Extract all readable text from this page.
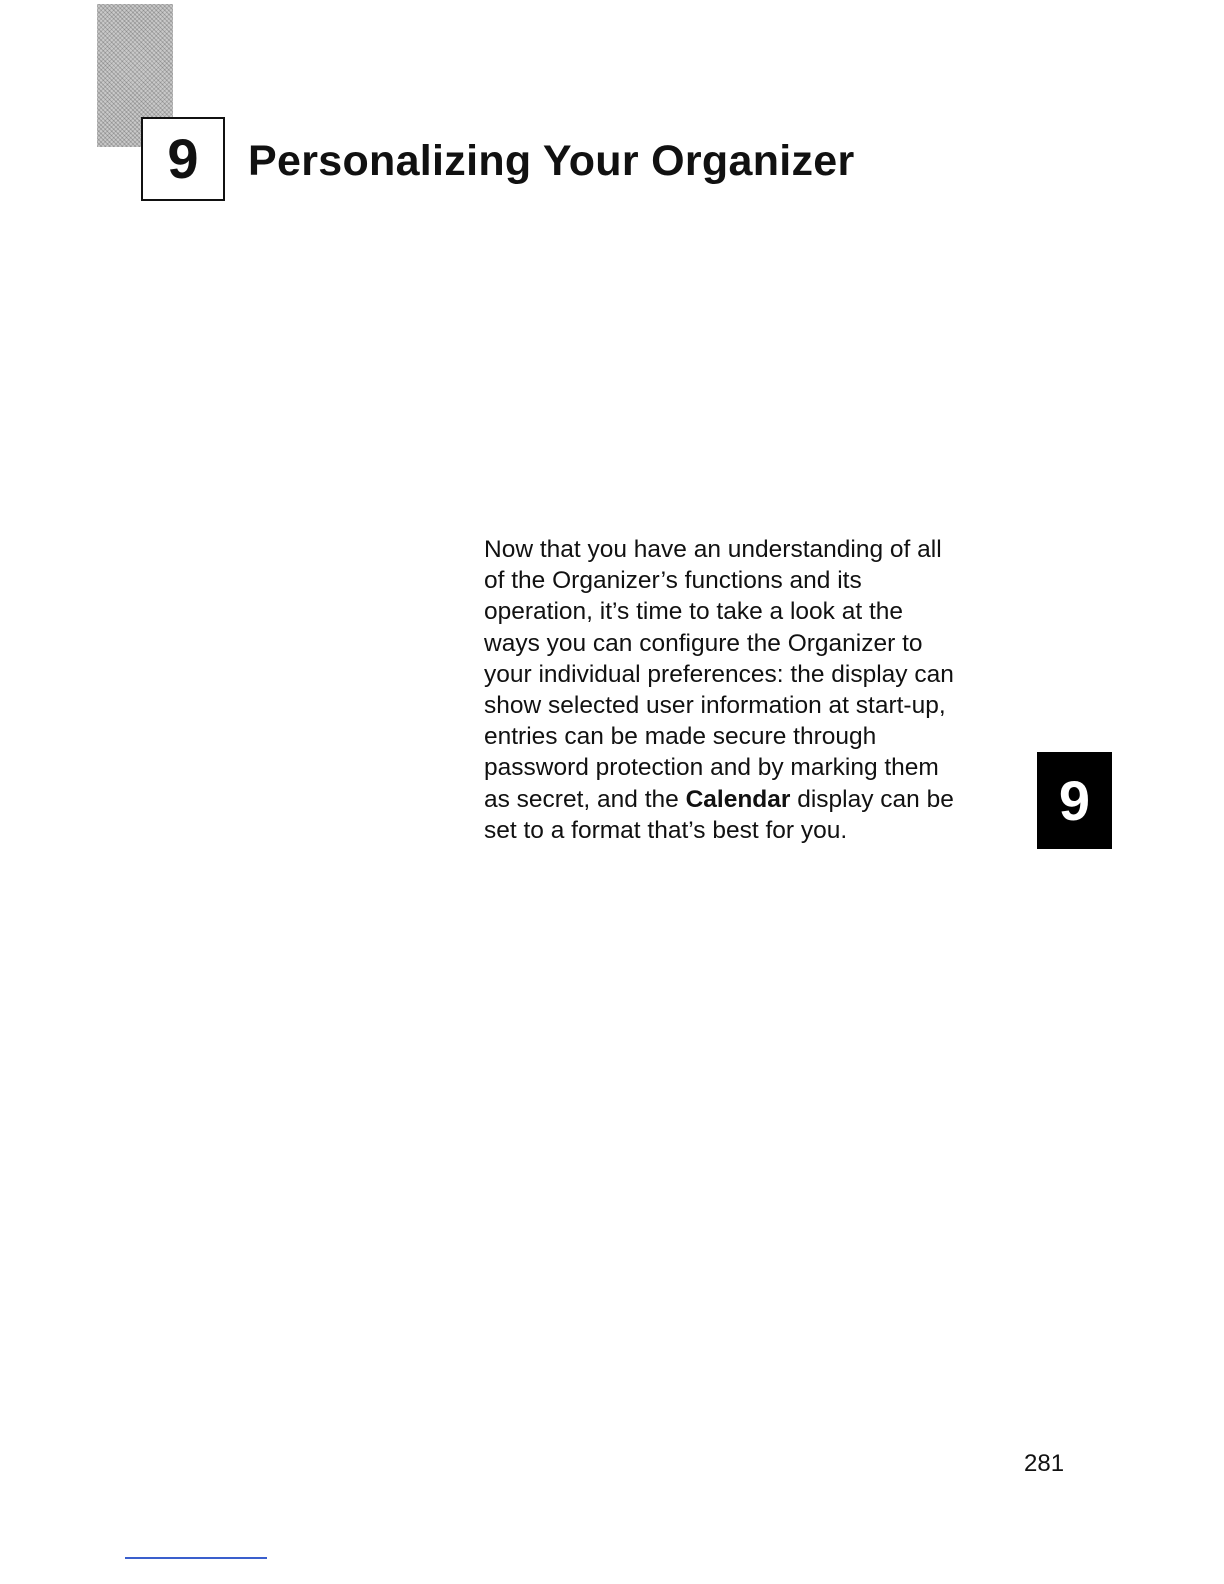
9 Personalizing Your Organizer

Now that you have an understanding of all
of the Organizer’s functions and its
operation, it’s time to take a look at the
ways you can configure the Organizer to
your individual preferences: the display can
show selected user information at start-up,
entries can be made secure through
password protection and by marking them
as secret, and the Calendar display can be
set to a format that’s best for you.	9
281
